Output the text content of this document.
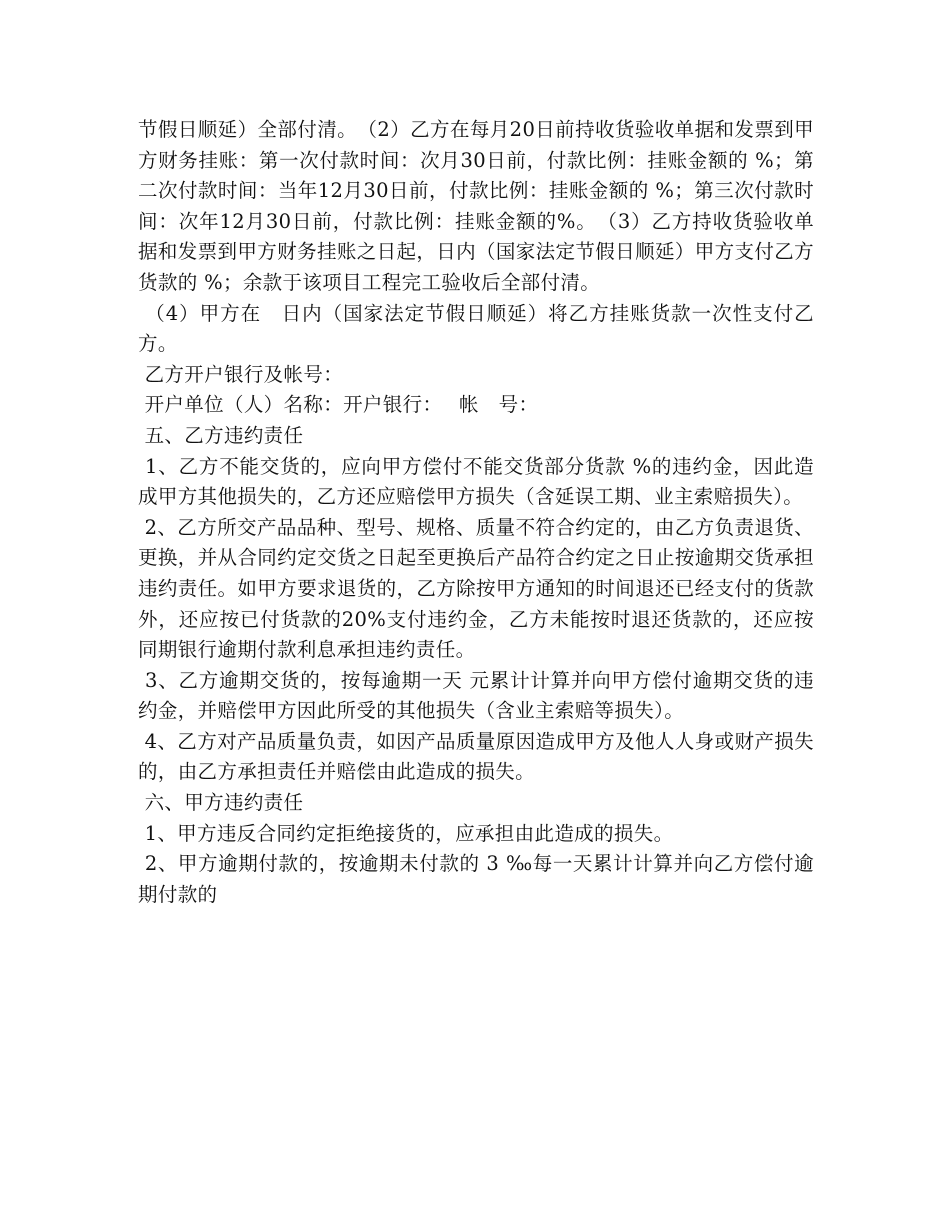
节假日顺延）全部付清。　（2）乙方在每月20日前持收货验收单据和发票到甲方财务挂账：第一次付款时间：次月30日前，付款比例：挂账金额的 %；第二次付款时间：当年12月30日前，付款比例：挂账金额的 %；第三次付款时间：次年12月30日前，付款比例：挂账金额的%。　（3）乙方持收货验收单据和发票到甲方财务挂账之日起，日内（国家法定节假日顺延）甲方支付乙方货款的 %；余款于该项目工程完工验收后全部付清。

（4）甲方在　日内（国家法定节假日顺延）将乙方挂账货款一次性支付乙方。

乙方开户银行及帐号：

开户单位（人）名称：开户银行：　 帐　号：

五、乙方违约责任

1、乙方不能交货的，应向甲方偿付不能交货部分货款 %的违约金，因此造成甲方其他损失的，乙方还应赔偿甲方损失（含延误工期、业主索赔损失）。

2、乙方所交产品品种、型号、规格、质量不符合约定的，由乙方负责退货、更换，并从合同约定交货之日起至更换后产品符合约定之日止按逾期交货承担违约责任。如甲方要求退货的，乙方除按甲方通知的时间退还已经支付的货款外，还应按已付货款的20%支付违约金，乙方未能按时退还货款的，还应按同期银行逾期付款利息承担违约责任。

3、乙方逾期交货的，按每逾期一天 元累计计算并向甲方偿付逾期交货的违约金，并赔偿甲方因此所受的其他损失（含业主索赔等损失）。

4、乙方对产品质量负责，如因产品质量原因造成甲方及他人人身或财产损失的，由乙方承担责任并赔偿由此造成的损失。

六、甲方违约责任

1、甲方违反合同约定拒绝接货的，应承担由此造成的损失。

2、甲方逾期付款的，按逾期未付款的 3 ‰每一天累计计算并向乙方偿付逾期付款的
